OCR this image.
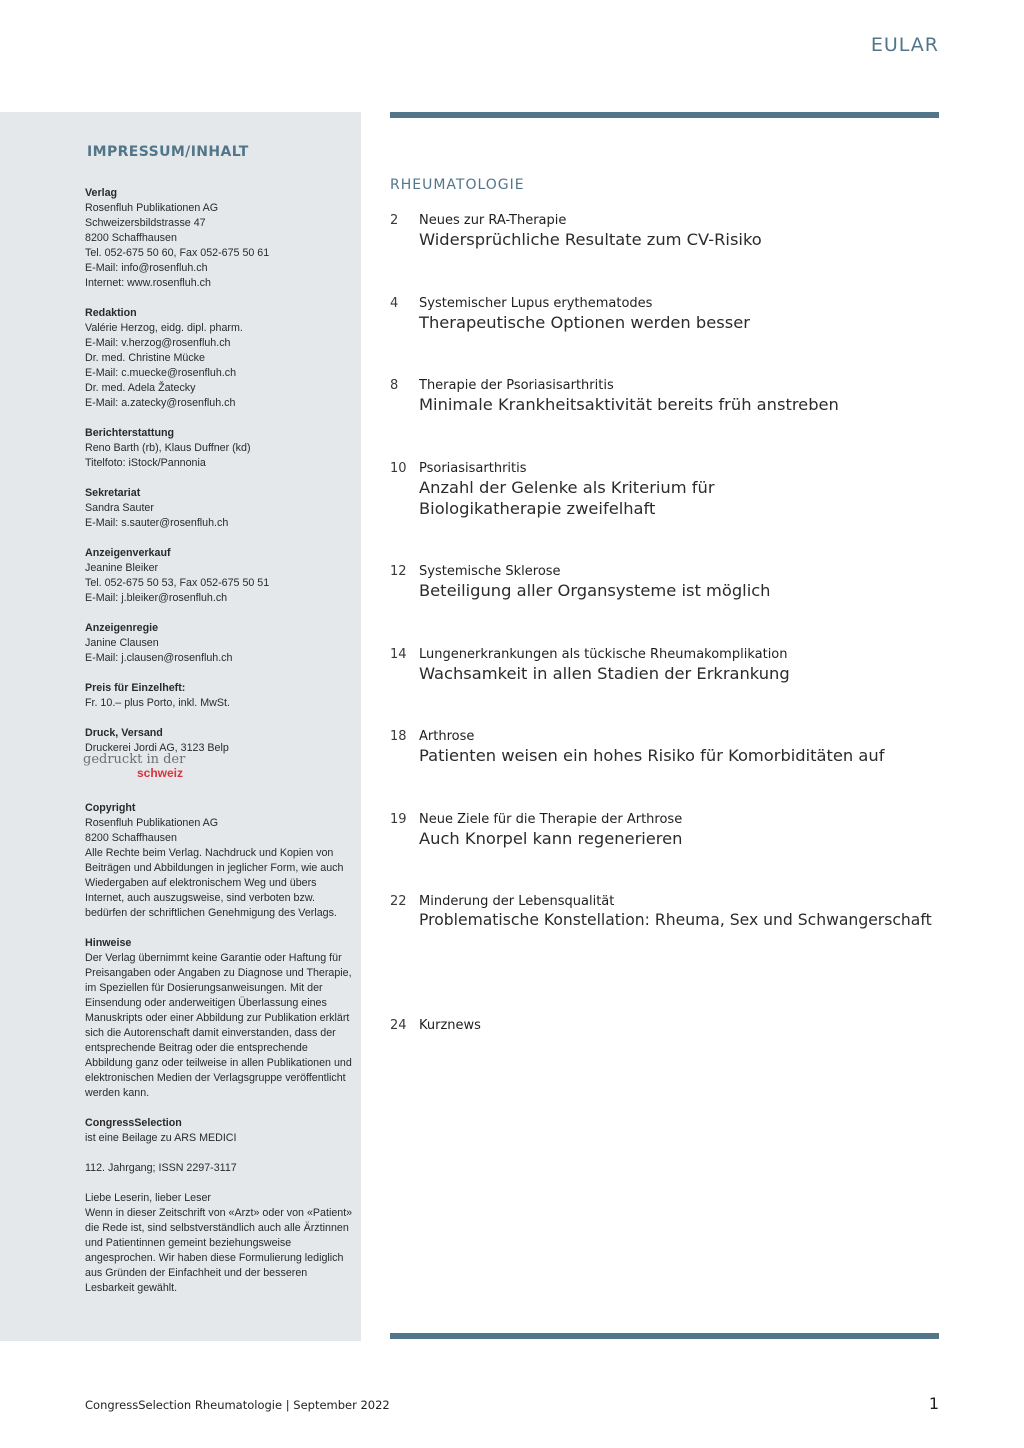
EULAR
IMPRESSUM/INHALT
Verlag
Rosenfluh Publikationen AG
Schweizersbildstrasse 47
8200 Schaffhausen
Tel. 052-675 50 60, Fax 052-675 50 61
E-Mail: info@rosenfluh.ch
Internet: www.rosenfluh.ch
Redaktion
Valérie Herzog, eidg. dipl. pharm.
E-Mail: v.herzog@rosenfluh.ch
Dr. med. Christine Mücke
E-Mail: c.muecke@rosenfluh.ch
Dr. med. Adela Žatecky
E-Mail: a.zatecky@rosenfluh.ch
Berichterstattung
Reno Barth (rb), Klaus Duffner (kd)
Titelfoto: iStock/Pannonia
Sekretariat
Sandra Sauter
E-Mail: s.sauter@rosenfluh.ch
Anzeigenverkauf
Jeanine Bleiker
Tel. 052-675 50 53, Fax 052-675 50 51
E-Mail: j.bleiker@rosenfluh.ch
Anzeigenregie
Janine Clausen
E-Mail: j.clausen@rosenfluh.ch
Preis für Einzelheft:
Fr. 10.– plus Porto, inkl. MwSt.
Druck, Versand
Druckerei Jordi AG, 3123 Belp
gedruckt in der
schweiz
Copyright
Rosenfluh Publikationen AG
8200 Schaffhausen
Alle Rechte beim Verlag. Nachdruck und Kopien von Beiträgen und Abbildungen in jeglicher Form, wie auch Wiedergaben auf elektronischem Weg und übers Internet, auch auszugsweise, sind verboten bzw. bedürfen der schriftlichen Genehmigung des Verlags.
Hinweise
Der Verlag übernimmt keine Garantie oder Haftung für Preisangaben oder Angaben zu Diagnose und Therapie, im Speziellen für Dosierungsanweisungen. Mit der Einsendung oder anderweitigen Überlassung eines Manuskripts oder einer Abbildung zur Publikation erklärt sich die Autorenschaft damit einverstanden, dass der entsprechende Beitrag oder die entsprechende Abbildung ganz oder teilweise in allen Publikationen und elektronischen Medien der Verlagsgruppe veröffentlicht werden kann.
CongressSelection
ist eine Beilage zu ARS MEDICI
112. Jahrgang; ISSN 2297-3117
Liebe Leserin, lieber Leser
Wenn in dieser Zeitschrift von «Arzt» oder von «Patient» die Rede ist, sind selbstverständlich auch alle Ärztinnen und Patientinnen gemeint beziehungsweise angesprochen. Wir haben diese Formulierung lediglich aus Gründen der Einfachheit und der besseren Lesbarkeit gewählt.
RHEUMATOLOGIE
2 Neues zur RA-Therapie
Widersprüchliche Resultate zum CV-Risiko
4 Systemischer Lupus erythematodes
Therapeutische Optionen werden besser
8 Therapie der Psoriasisarthritis
Minimale Krankheitsaktivität bereits früh anstreben
10 Psoriasisarthritis
Anzahl der Gelenke als Kriterium für Biologikatherapie zweifelhaft
12 Systemische Sklerose
Beteiligung aller Organsysteme ist möglich
14 Lungenerkrankungen als tückische Rheumakomplikation
Wachsamkeit in allen Stadien der Erkrankung
18 Arthrose
Patienten weisen ein hohes Risiko für Komorbiditäten auf
19 Neue Ziele für die Therapie der Arthrose
Auch Knorpel kann regenerieren
22 Minderung der Lebensqualität
Problematische Konstellation: Rheuma, Sex und Schwangerschaft
24 Kurznews
CongressSelection Rheumatologie | September 2022	1
